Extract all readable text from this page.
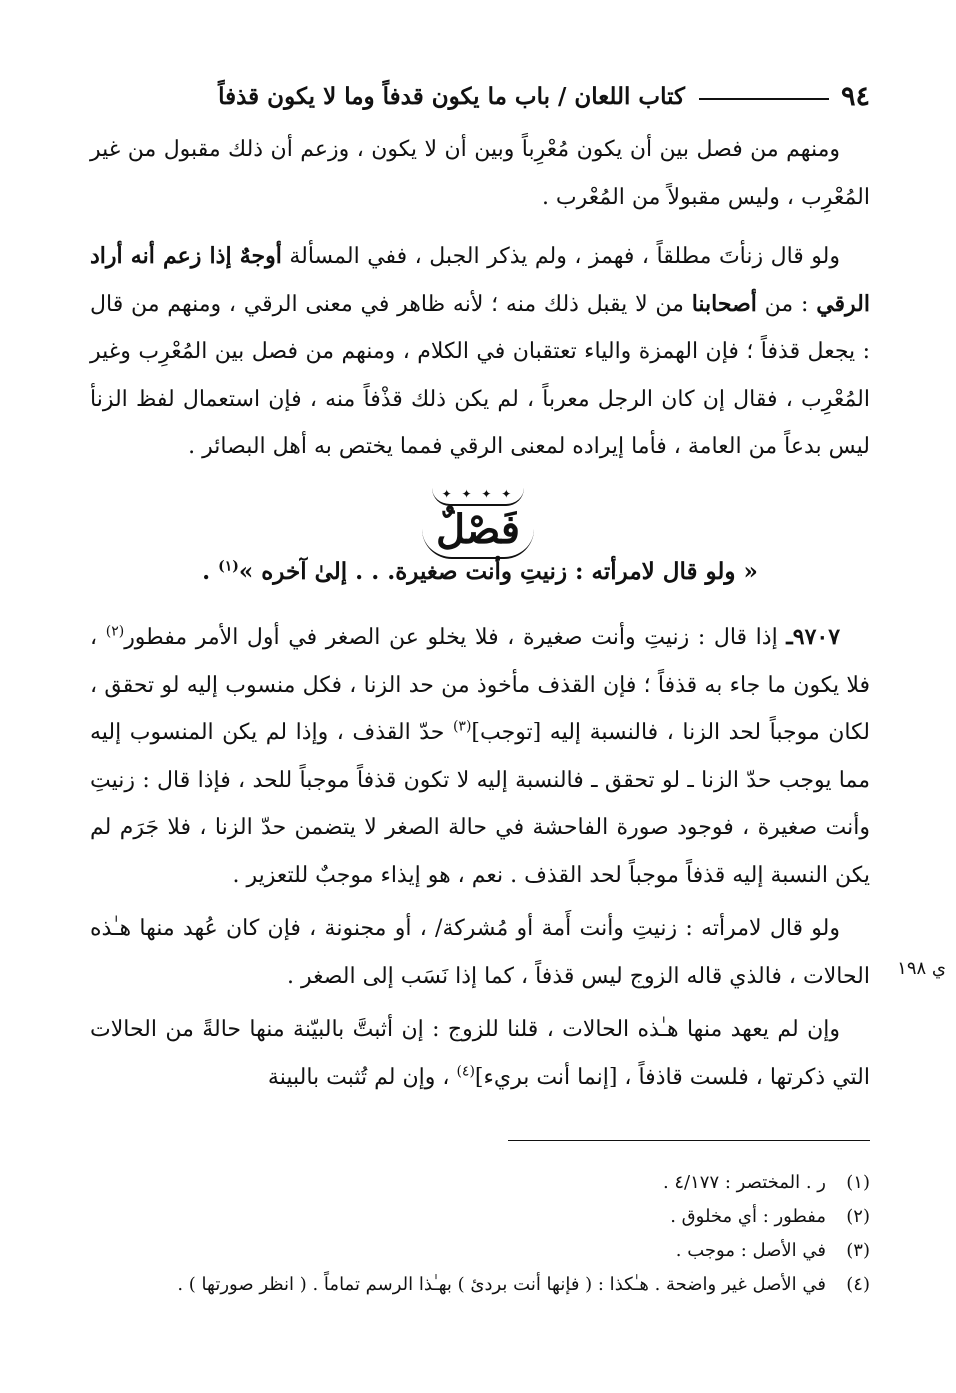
٩٤
كتاب اللعان / باب ما يكون قدفاً وما لا يكون قذفاً

ومنهم من فصل بين أن يكون مُعْرِباً وبين أن لا يكون ، وزعم أن ذلك مقبول من غير المُعْرِب ، وليس مقبولاً من المُعْرب .

ولو قال زنأتَ مطلقاً ، فهمز ، ولم يذكر الجبل ، ففي المسألة أوجهٌ إذا زعم أنه أراد الرقي : من أصحابنا من لا يقبل ذلك منه ؛ لأنه ظاهر في معنى الرقي ، ومنهم من قال : يجعل قذفاً ؛ فإن الهمزة والياء تعتقبان في الكلام ، ومنهم من فصل بين المُعْرِب وغير المُعْرِب ، فقال إن كان الرجل معرباً ، لم يكن ذلك قذْفاً منه ، فإن استعمال لفظ الزنأ ليس بدعاً من العامة ، فأما إيراده لمعنى الرقي فمما يختص به أهل البصائر .

✦ ✦ ✦ ✦
فَصْلٌ
« ولو قال لامرأته : زنيتِ وأنت صغيرة. . . إلىٰ آخره »$^{(١)}$ .

٩٧٠٧ـ إذا قال : زنيتِ وأنت صغيرة ، فلا يخلو عن الصغر في أول الأمر مفطور$^{(٢)}$ ، فلا يكون ما جاء به قذفاً ؛ فإن القذف مأخوذ من حد الزنا ، فكل منسوب إليه لو تحقق ، لكان موجباً لحد الزنا ، فالنسبة إليه [توجب]$^{(٣)}$ حدّ القذف ، وإذا لم يكن المنسوب إليه مما يوجب حدّ الزنا ـ لو تحقق ـ فالنسبة إليه لا تكون قذفاً موجباً للحد ، فإذا قال : زنيتِ وأنت صغيرة ، فوجود صورة الفاحشة في حالة الصغر لا يتضمن حدّ الزنا ، فلا جَرَم لم يكن النسبة إليه قذفاً موجباً لحد القذف . نعم ، هو إيذاء موجبٌ للتعزير .

ولو قال لامرأته : زنيتِ وأنت أَمة أو مُشركة/ ، أو مجنونة ، فإن كان عُهد منها هـٰذه الحالات ، فالذي قاله الزوج ليس قذفاً ، كما إذا نَسَب إلى الصغر .

وإن لم يعهد منها هـٰذه الحالات ، قلنا للزوج : إن أثبتَّ بالبيّنة منها حالةً من الحالات التي ذكرتها ، فلست قاذفاً ، [إنما أنت بريء]$^{(٤)}$ ، وإن لم تُثبت بالبينة

ي ١٩٨
(١)
ر . المختصر : ٤/١٧٧ .
(٢)
مفطور : أي مخلوق .
(٣)
في الأصل : موجب .
(٤)
في الأصل غير واضحة . هـٰكذا : ( فإنها أنت بردئ ) بهـٰذا الرسم تماماً . ( انظر صورتها ) .
